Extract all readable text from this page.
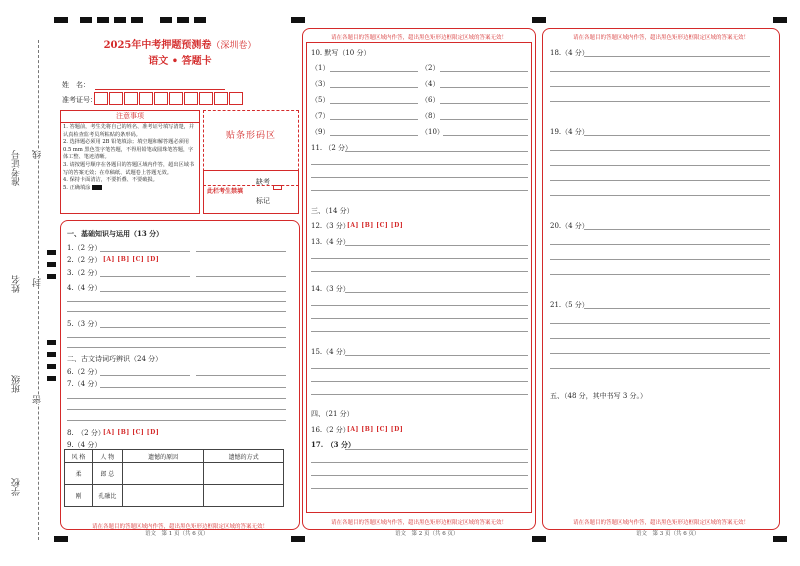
准考证号 线
姓名 封
班级
密
学校
2025年中考押题预测卷（深圳卷）
语文 • 答题卡
姓　名：
准考证号：
注意事项
1. 答题前，考生先将自己的姓名、准考证号填写清楚，并认真检查监考员所粘贴的条形码。
2. 选择题必须用 2B 铅笔填涂；填空题和解答题必须用 0.5 mm 黑色签字笔答题，不得用铅笔或圆珠笔答题，字体工整、笔迹清晰。
3. 请按题号顺序在各题目的答题区域内作答，超出区域书写的答案无效；在草稿纸、试题卷上答题无效。
4. 保持卡面清洁，不要折叠、不要破损。
5. 正确填涂
贴条形码区
此栏考生禁填
缺考
标记
请在各题目的答题区域内作答，超出黑色矩形边框限定区域的答案无效！
一、基础知识与运用（13 分）
1.（2 分）
2.（2 分） [A] [B] [C] [D]
3.（2 分）
4.（4 分）
5.（3 分）
二、古文诗词巧辨识（24 分）
6.（2 分）
7.（4 分）
8.　（2 分）
[A] [B] [C] [D]
9.（4 分）
风 格	人 物	遗憾的原因	遗憾的方式
柔	郎 总		
刚	孔融比		
语文　第 1 页（共 6 页）
请在各题目的答题区域内作答，超出黑色矩形边框限定区域的答案无效！
请在各题目的答题区域内作答，超出黑色矩形边框限定区域的答案无效！
10. 默写（10 分）
（1）	（2）
（3）	（4）
（5）	（6）
（7）	（8）
（9）	（10）
11. （2 分）
三、（14 分）
12.（3 分）
[A] [B] [C] [D]
13.（4 分）
14.（3 分）
15.（4 分）
四、（21 分）
16.（2 分）
[A] [B] [C] [D]
17.　（3 分）
语文　第 2 页（共 6 页）
请在各题目的答题区域内作答，超出黑色矩形边框限定区域的答案无效！
请在各题目的答题区域内作答，超出黑色矩形边框限定区域的答案无效！
18.（4 分）
19.（4 分）
20.（4 分）
21.（5 分）
五、（48 分，其中书写 3 分。）
语文　第 3 页（共 6 页）
